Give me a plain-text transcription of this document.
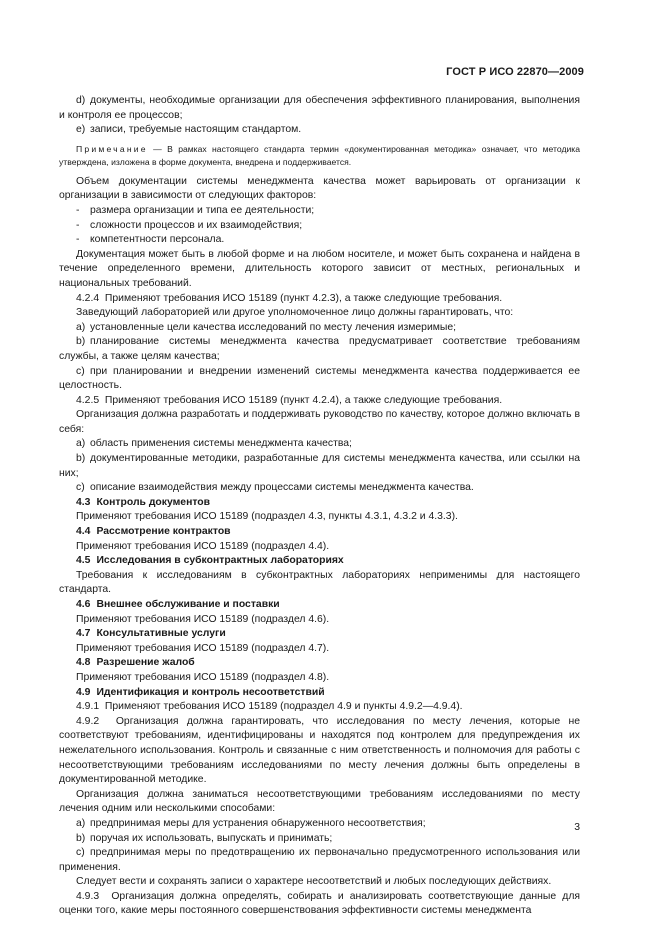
ГОСТ Р ИСО 22870—2009

d) документы, необходимые организации для обеспечения эффективного планирования, выполнения и контроля ее процессов;

e) записи, требуемые настоящим стандартом.

Примечание — В рамках настоящего стандарта термин «документированная методика» означает, что методика утверждена, изложена в форме документа, внедрена и поддерживается.

Объем документации системы менеджмента качества может варьировать от организации к организации в зависимости от следующих факторов:

- размера организации и типа ее деятельности;

- сложности процессов и их взаимодействия;

- компетентности персонала.

Документация может быть в любой форме и на любом носителе, и может быть сохранена и найдена в течение определенного времени, длительность которого зависит от местных, региональных и национальных требований.

4.2.4 Применяют требования ИСО 15189 (пункт 4.2.3), а также следующие требования.

Заведующий лабораторией или другое уполномоченное лицо должны гарантировать, что:

a) установленные цели качества исследований по месту лечения измеримые;

b) планирование системы менеджмента качества предусматривает соответствие требованиям службы, а также целям качества;

c) при планировании и внедрении изменений системы менеджмента качества поддерживается ее целостность.

4.2.5 Применяют требования ИСО 15189 (пункт 4.2.4), а также следующие требования.

Организация должна разработать и поддерживать руководство по качеству, которое должно включать в себя:

a) область применения системы менеджмента качества;

b) документированные методики, разработанные для системы менеджмента качества, или ссылки на них;

c) описание взаимодействия между процессами системы менеджмента качества.

4.3 Контроль документов

Применяют требования ИСО 15189 (подраздел 4.3, пункты 4.3.1, 4.3.2 и 4.3.3).

4.4 Рассмотрение контрактов

Применяют требования ИСО 15189 (подраздел 4.4).

4.5 Исследования в субконтрактных лабораториях

Требования к исследованиям в субконтрактных лабораториях неприменимы для настоящего стандарта.

4.6 Внешнее обслуживание и поставки

Применяют требования ИСО 15189 (подраздел 4.6).

4.7 Консультативные услуги

Применяют требования ИСО 15189 (подраздел 4.7).

4.8 Разрешение жалоб

Применяют требования ИСО 15189 (подраздел 4.8).

4.9 Идентификация и контроль несоответствий

4.9.1 Применяют требования ИСО 15189 (подраздел 4.9 и пункты 4.9.2—4.9.4).

4.9.2 Организация должна гарантировать, что исследования по месту лечения, которые не соответствуют требованиям, идентифицированы и находятся под контролем для предупреждения их нежелательного использования. Контроль и связанные с ним ответственность и полномочия для работы с несоответствующими требованиям исследованиями по месту лечения должны быть определены в документированной методике.

Организация должна заниматься несоответствующими требованиям исследованиями по месту лечения одним или несколькими способами:

a) предпринимая меры для устранения обнаруженного несоответствия;

b) поручая их использовать, выпускать и принимать;

c) предпринимая меры по предотвращению их первоначально предусмотренного использования или применения.

Следует вести и сохранять записи о характере несоответствий и любых последующих действиях.

4.9.3 Организация должна определять, собирать и анализировать соответствующие данные для оценки того, какие меры постоянного совершенствования эффективности системы менеджмента

3
